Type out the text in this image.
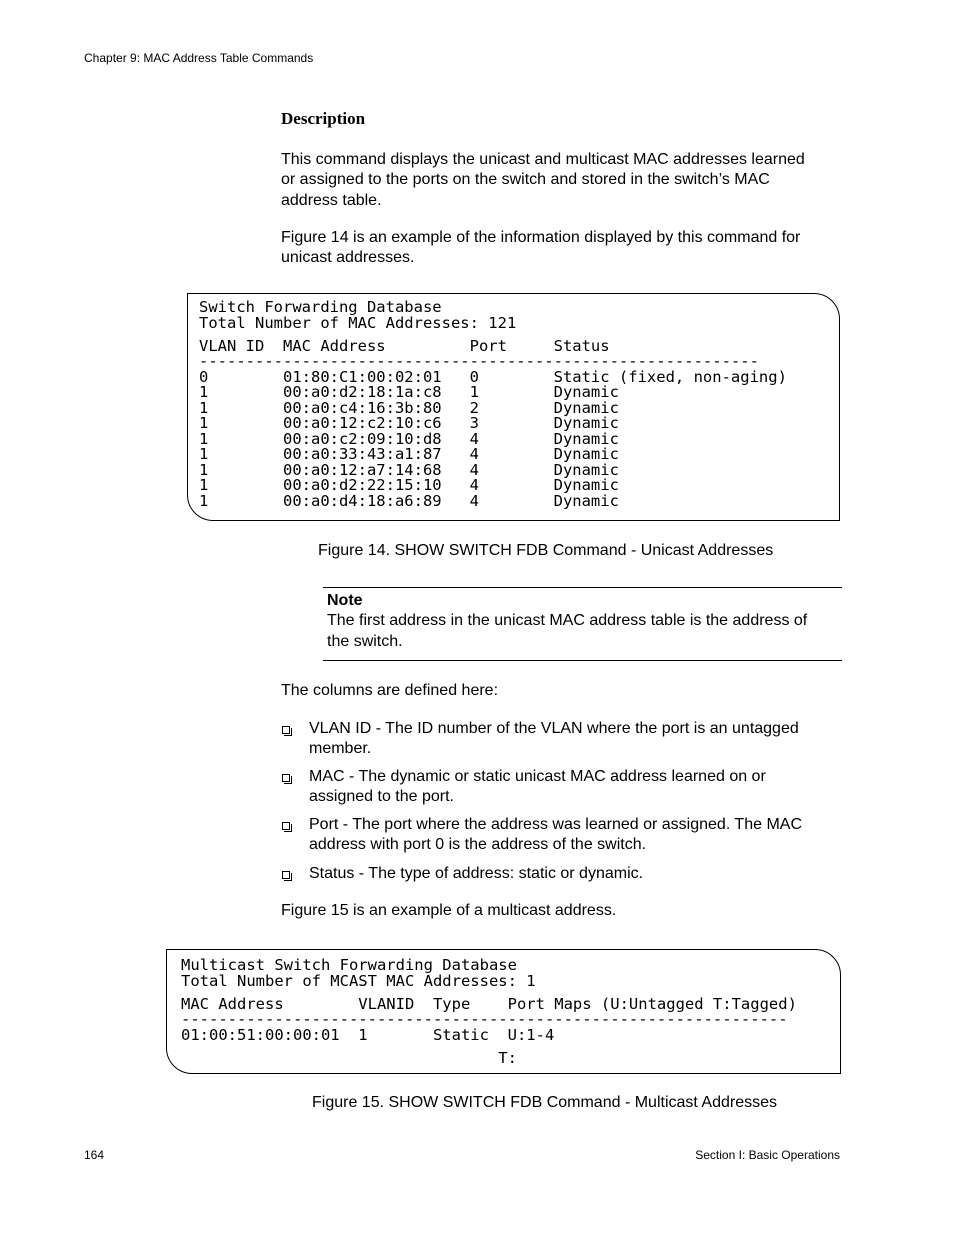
Chapter 9: MAC Address Table Commands
Description
This command displays the unicast and multicast MAC addresses learned
or assigned to the ports on the switch and stored in the switch’s MAC
address table.
Figure 14 is an example of the information displayed by this command for
unicast addresses.
Switch Forwarding Database
Total Number of MAC Addresses: 121
VLAN ID  MAC Address         Port     Status
------------------------------------------------------------
0        01:80:C1:00:02:01   0        Static (fixed, non-aging)
1        00:a0:d2:18:1a:c8   1        Dynamic
1        00:a0:c4:16:3b:80   2        Dynamic
1        00:a0:12:c2:10:c6   3        Dynamic
1        00:a0:c2:09:10:d8   4        Dynamic
1        00:a0:33:43:a1:87   4        Dynamic
1        00:a0:12:a7:14:68   4        Dynamic
1        00:a0:d2:22:15:10   4        Dynamic
1        00:a0:d4:18:a6:89   4        Dynamic
Figure 14. SHOW SWITCH FDB Command - Unicast Addresses
Note
The first address in the unicast MAC address table is the address of
the switch.
The columns are defined here:
VLAN ID - The ID number of the VLAN where the port is an untagged
member.
MAC - The dynamic or static unicast MAC address learned on or
assigned to the port.
Port - The port where the address was learned or assigned. The MAC
address with port 0 is the address of the switch.
Status - The type of address: static or dynamic.
Figure 15 is an example of a multicast address.
Multicast Switch Forwarding Database
Total Number of MCAST MAC Addresses: 1
MAC Address        VLANID  Type    Port Maps (U:Untagged T:Tagged)
-----------------------------------------------------------------
01:00:51:00:00:01  1       Static  U:1-4
T:
Figure 15. SHOW SWITCH FDB Command - Multicast Addresses
164	Section I: Basic Operations
